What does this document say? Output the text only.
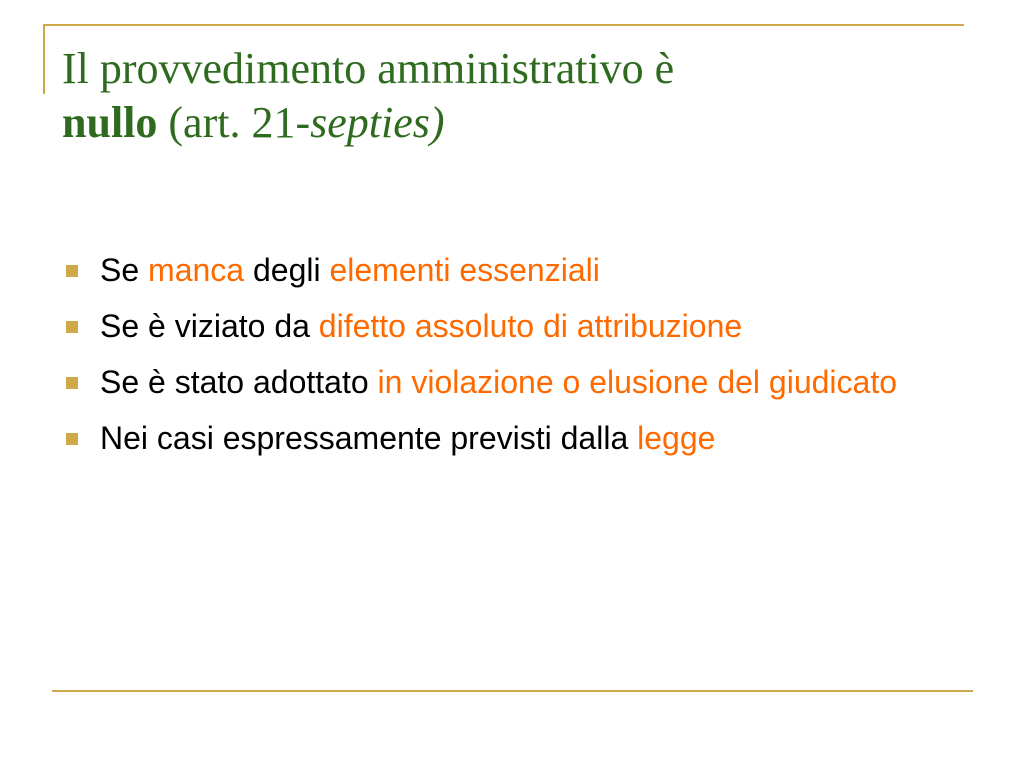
Il provvedimento amministrativo è
nullo (art. 21-septies)
Se manca degli elementi essenziali
Se è viziato da difetto assoluto di attribuzione
Se è stato adottato in violazione o elusione del giudicato
Nei casi espressamente previsti dalla legge
